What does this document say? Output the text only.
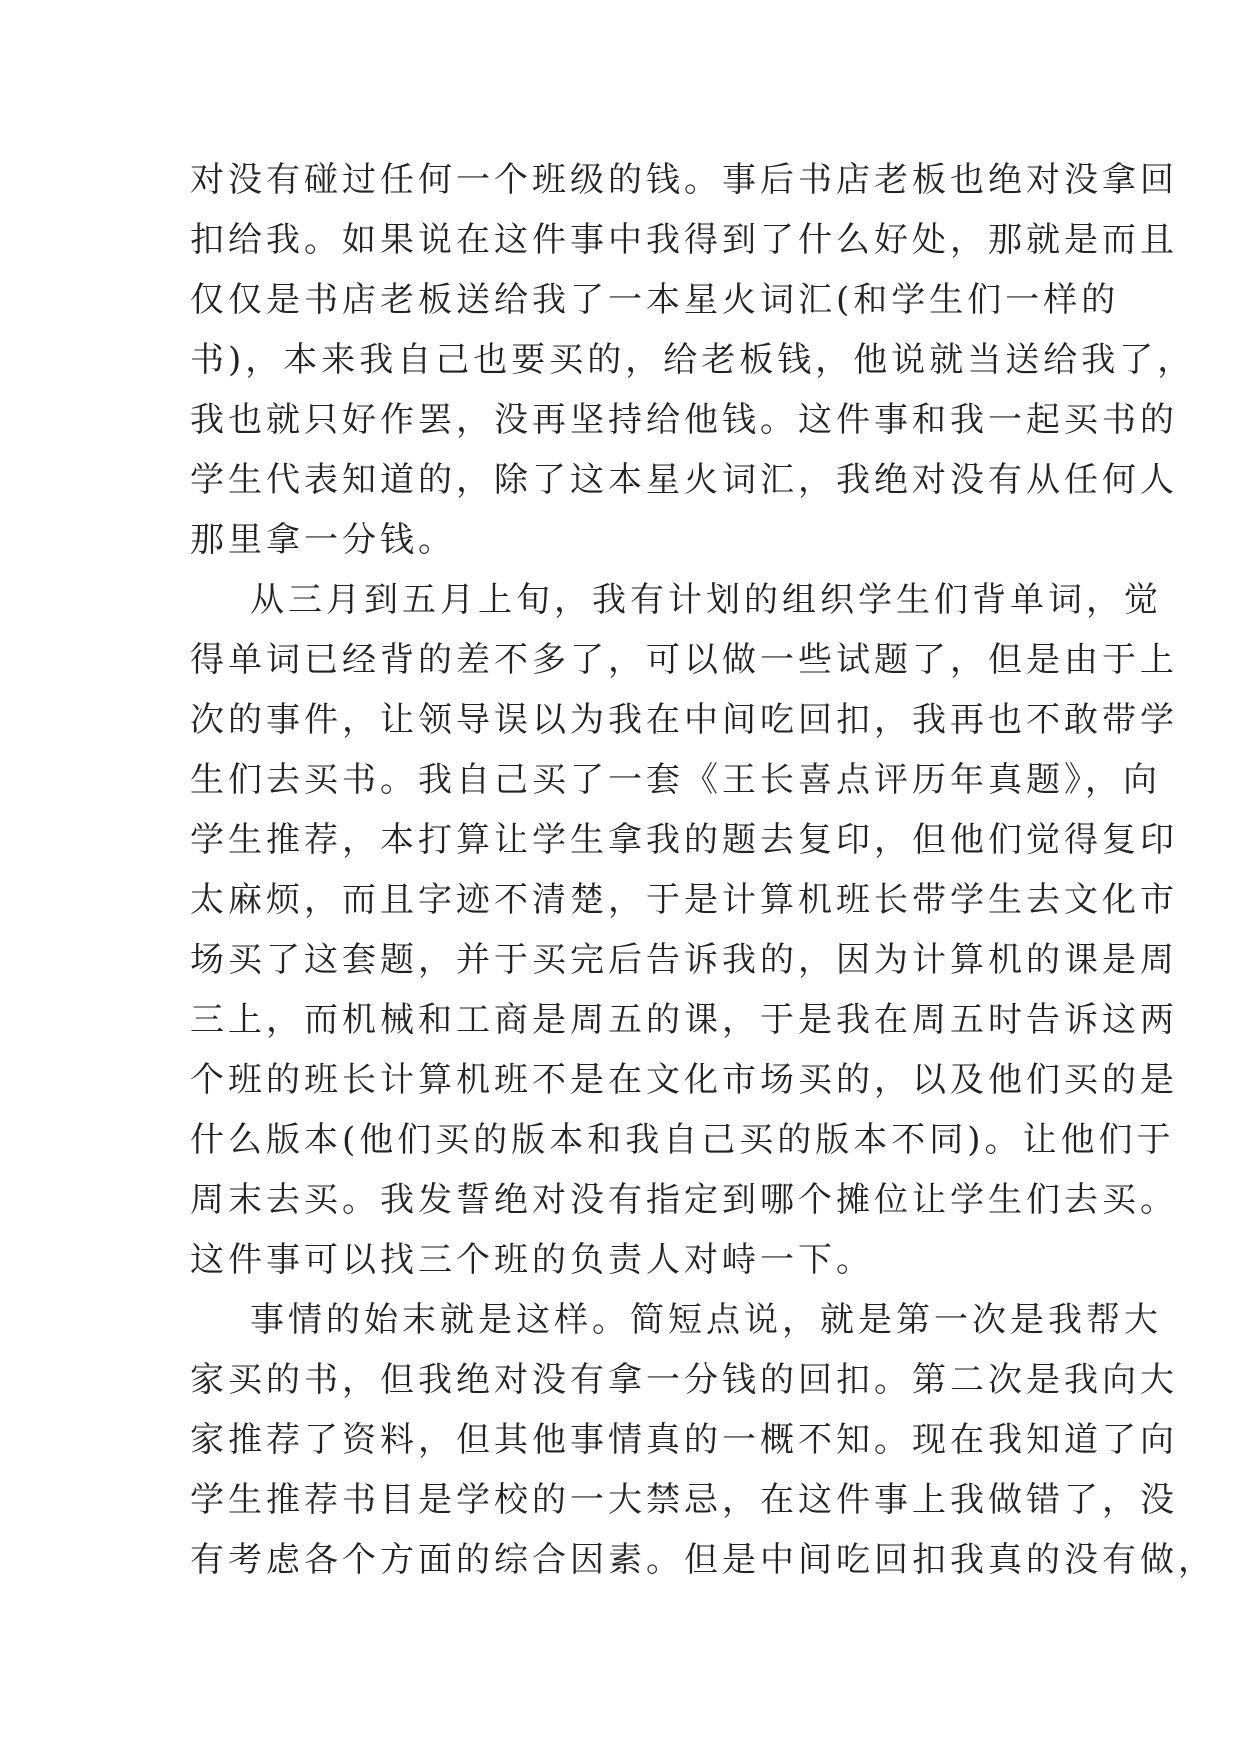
对没有碰过任何一个班级的钱。事后书店老板也绝对没拿回
扣给我。如果说在这件事中我得到了什么好处，那就是而且
仅仅是书店老板送给我了一本星火词汇(和学生们一样的
书)，本来我自己也要买的，给老板钱，他说就当送给我了，
我也就只好作罢，没再坚持给他钱。这件事和我一起买书的
学生代表知道的，除了这本星火词汇，我绝对没有从任何人
那里拿一分钱。
从三月到五月上旬，我有计划的组织学生们背单词，觉
得单词已经背的差不多了，可以做一些试题了，但是由于上
次的事件，让领导误以为我在中间吃回扣，我再也不敢带学
生们去买书。我自己买了一套《王长喜点评历年真题》，向
学生推荐，本打算让学生拿我的题去复印，但他们觉得复印
太麻烦，而且字迹不清楚，于是计算机班长带学生去文化市
场买了这套题，并于买完后告诉我的，因为计算机的课是周
三上，而机械和工商是周五的课，于是我在周五时告诉这两
个班的班长计算机班不是在文化市场买的，以及他们买的是
什么版本(他们买的版本和我自己买的版本不同)。让他们于
周末去买。我发誓绝对没有指定到哪个摊位让学生们去买。
这件事可以找三个班的负责人对峙一下。
事情的始末就是这样。简短点说，就是第一次是我帮大
家买的书，但我绝对没有拿一分钱的回扣。第二次是我向大
家推荐了资料，但其他事情真的一概不知。现在我知道了向
学生推荐书目是学校的一大禁忌，在这件事上我做错了，没
有考虑各个方面的综合因素。但是中间吃回扣我真的没有做，
